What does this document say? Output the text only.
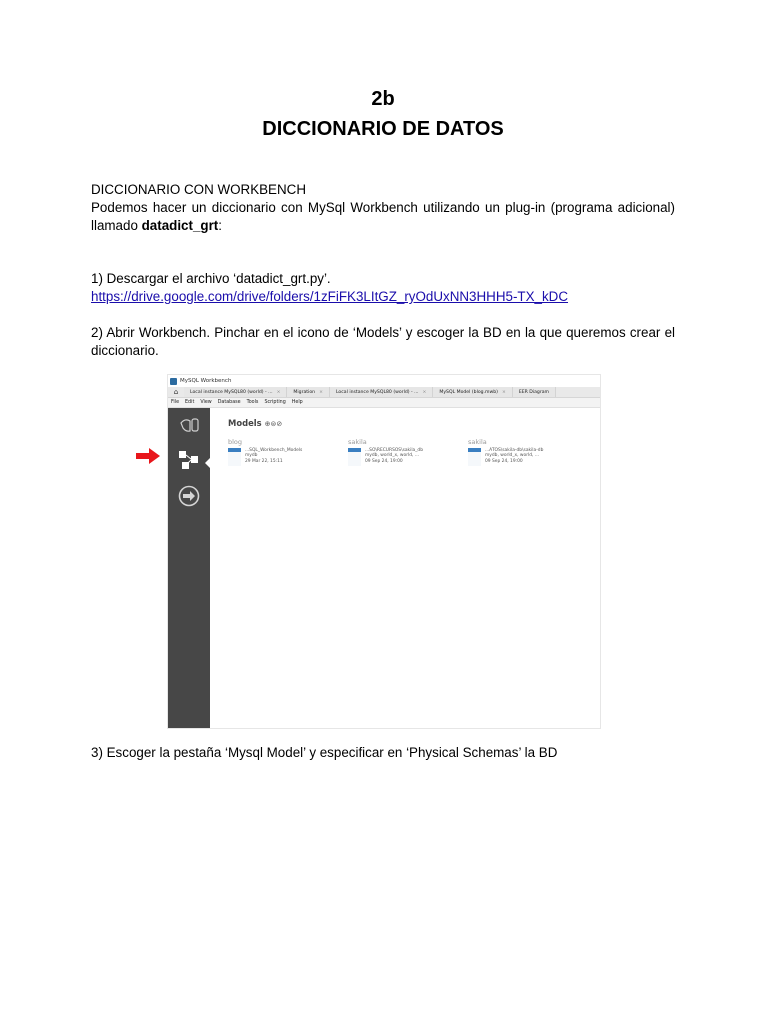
2b
DICCIONARIO DE DATOS
DICCIONARIO CON WORKBENCH
Podemos hacer un diccionario con MySql Workbench utilizando un plug-in (programa adicional) llamado datadict_grt:
1) Descargar el archivo ‘datadict_grt.py’.
https://drive.google.com/drive/folders/1zFiFK3LItGZ_ryOdUxNN3HHH5-TX_kDC
2) Abrir Workbench. Pinchar en el icono de ‘Models’ y escoger la BD en la que queremos crear el diccionario.
3) Escoger la pestaña ‘Mysql Model’ y especificar en ‘Physical Schemas’ la BD
MySQL Workbench
⌂	Local instance MySQL80 (world) - ... ×	Migration ×	Local instance MySQL80 (world) - ... ×	MySQL Model (blog.mwb) ×	EER Diagram
File Edit View Database Tools Scripting Help
Models ⊕⊜⊘
blog
...SQL_Workbench_Models
mydb
29 Mar 22, 15:11
sakila
...SO\RECURSOS\sakila_db
mydb, world_x, world, ...
09 Sep 24, 19:00
sakila
...ATOS\sakila-db\sakila-db
mydb, world_x, world, ...
09 Sep 24, 19:00
